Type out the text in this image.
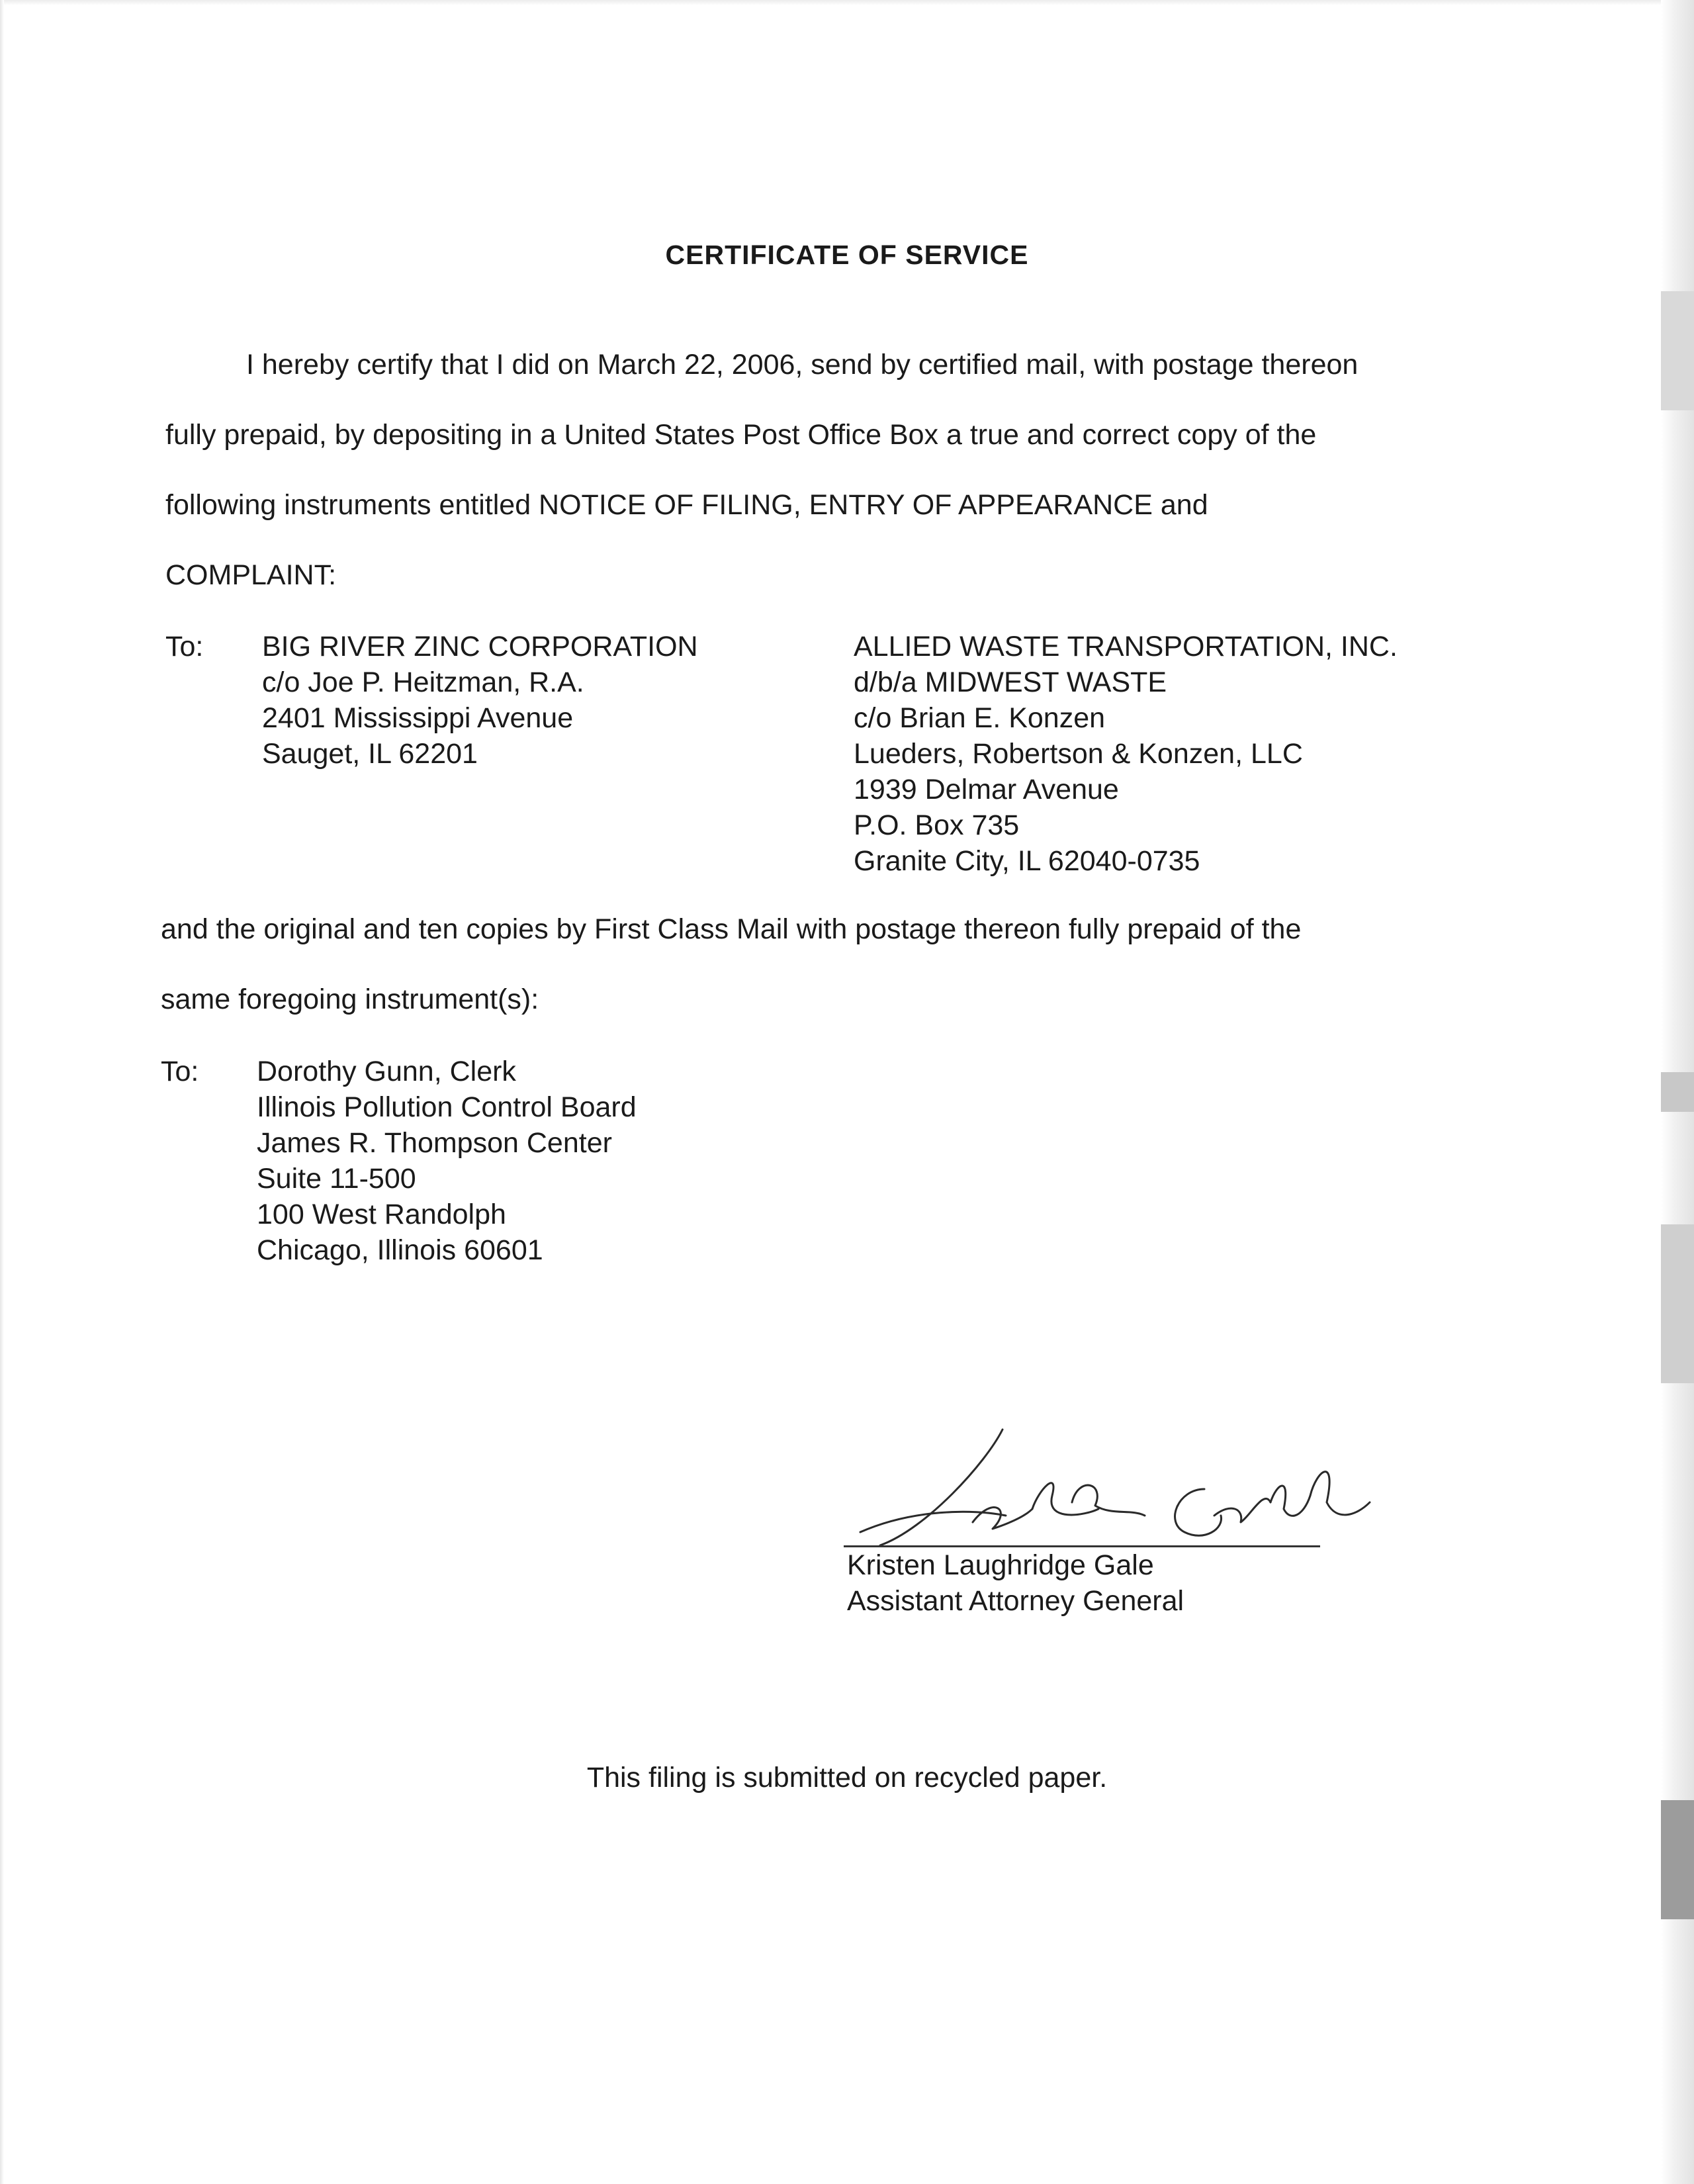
CERTIFICATE OF SERVICE
I hereby certify that I did on March 22, 2006, send by certified mail, with postage thereon
fully prepaid, by depositing in a United States Post Office Box a true and correct copy of the
following instruments entitled NOTICE OF FILING, ENTRY OF APPEARANCE and
COMPLAINT:
To: BIG RIVER ZINC CORPORATION
c/o Joe P. Heitzman, R.A.
2401 Mississippi Avenue
Sauget, IL 62201
ALLIED WASTE TRANSPORTATION, INC.
d/b/a MIDWEST WASTE
c/o Brian E. Konzen
Lueders, Robertson & Konzen, LLC
1939 Delmar Avenue
P.O. Box 735
Granite City, IL 62040-0735
and the original and ten copies by First Class Mail with postage thereon fully prepaid of the
same foregoing instrument(s):
To: Dorothy Gunn, Clerk
Illinois Pollution Control Board
James R. Thompson Center
Suite 11-500
100 West Randolph
Chicago, Illinois 60601
Kristen Laughridge Gale
Assistant Attorney General
This filing is submitted on recycled paper.
